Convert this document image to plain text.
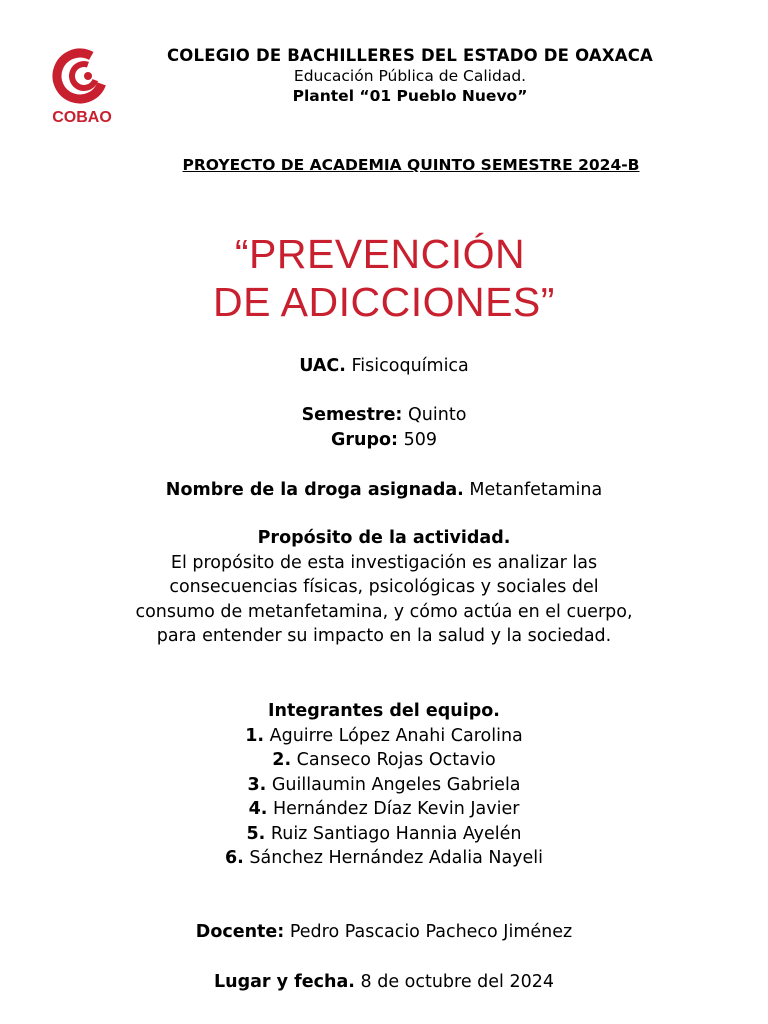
COBAO
COLEGIO DE BACHILLERES DEL ESTADO DE OAXACA
Educación Pública de Calidad.
Plantel “01 Pueblo Nuevo”
PROYECTO DE ACADEMIA QUINTO SEMESTRE 2024-B
“PREVENCIÓN
DE ADICCIONES”
UAC. Fisicoquímica
Semestre: Quinto
Grupo: 509
Nombre de la droga asignada. Metanfetamina
Propósito de la actividad.
El propósito de esta investigación es analizar las
consecuencias físicas, psicológicas y sociales del
consumo de metanfetamina, y cómo actúa en el cuerpo,
para entender su impacto en la salud y la sociedad.
Integrantes del equipo.
1. Aguirre López Anahi Carolina
2. Canseco Rojas Octavio
3. Guillaumin Angeles Gabriela
4. Hernández Díaz Kevin Javier
5. Ruiz Santiago Hannia Ayelén
6. Sánchez Hernández Adalia Nayeli
Docente: Pedro Pascacio Pacheco Jiménez
Lugar y fecha. 8 de octubre del 2024
